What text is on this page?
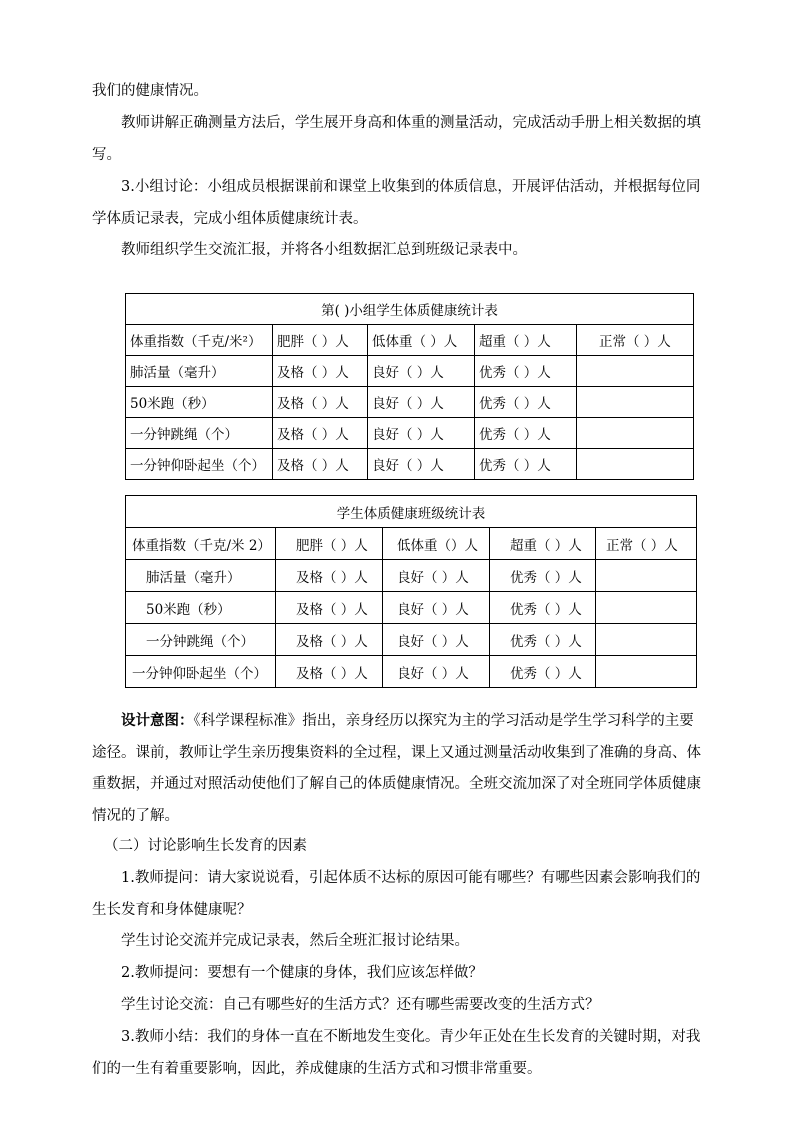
我们的健康情况。

教师讲解正确测量方法后，学生展开身高和体重的测量活动，完成活动手册上相关数据的填写。

3.小组讨论：小组成员根据课前和课堂上收集到的体质信息，开展评估活动，并根据每位同学体质记录表，完成小组体质健康统计表。

教师组织学生交流汇报，并将各小组数据汇总到班级记录表中。

第( )小组学生体质健康统计表				
体重指数（千克/米²）	肥胖（ ）人	低体重（ ）人	超重（ ）人	正常（ ）人
肺活量（毫升）	及格（ ）人	良好（ ）人	优秀（ ）人	
50米跑（秒）	及格（ ）人	良好（ ）人	优秀（ ）人	
一分钟跳绳（个）	及格（ ）人	良好（ ）人	优秀（ ）人	
一分钟仰卧起坐（个）	及格（ ）人	良好（ ）人	优秀（ ）人	
学生体质健康班级统计表				
体重指数（千克/米 2）	肥胖（ ）人	低体重（）人	超重（ ）人	正常（ ）人
肺活量（毫升）	及格（ ）人	良好（ ）人	优秀（ ）人	
50米跑（秒）	及格（ ）人	良好（ ）人	优秀（ ）人	
一分钟跳绳（个）	及格（ ）人	良好（ ）人	优秀（ ）人	
一分钟仰卧起坐（个）	及格（ ）人	良好（ ）人	优秀（ ）人	

设计意图：《科学课程标准》指出，亲身经历以探究为主的学习活动是学生学习科学的主要途径。课前，教师让学生亲历搜集资料的全过程，课上又通过测量活动收集到了准确的身高、体重数据，并通过对照活动使他们了解自己的体质健康情况。全班交流加深了对全班同学体质健康情况的了解。

（二）讨论影响生长发育的因素

1.教师提问：请大家说说看，引起体质不达标的原因可能有哪些？有哪些因素会影响我们的生长发育和身体健康呢？

学生讨论交流并完成记录表，然后全班汇报讨论结果。

2.教师提问：要想有一个健康的身体，我们应该怎样做？

学生讨论交流：自己有哪些好的生活方式？还有哪些需要改变的生活方式？

3.教师小结：我们的身体一直在不断地发生变化。青少年正处在生长发育的关键时期，对我们的一生有着重要影响，因此，养成健康的生活方式和习惯非常重要。
